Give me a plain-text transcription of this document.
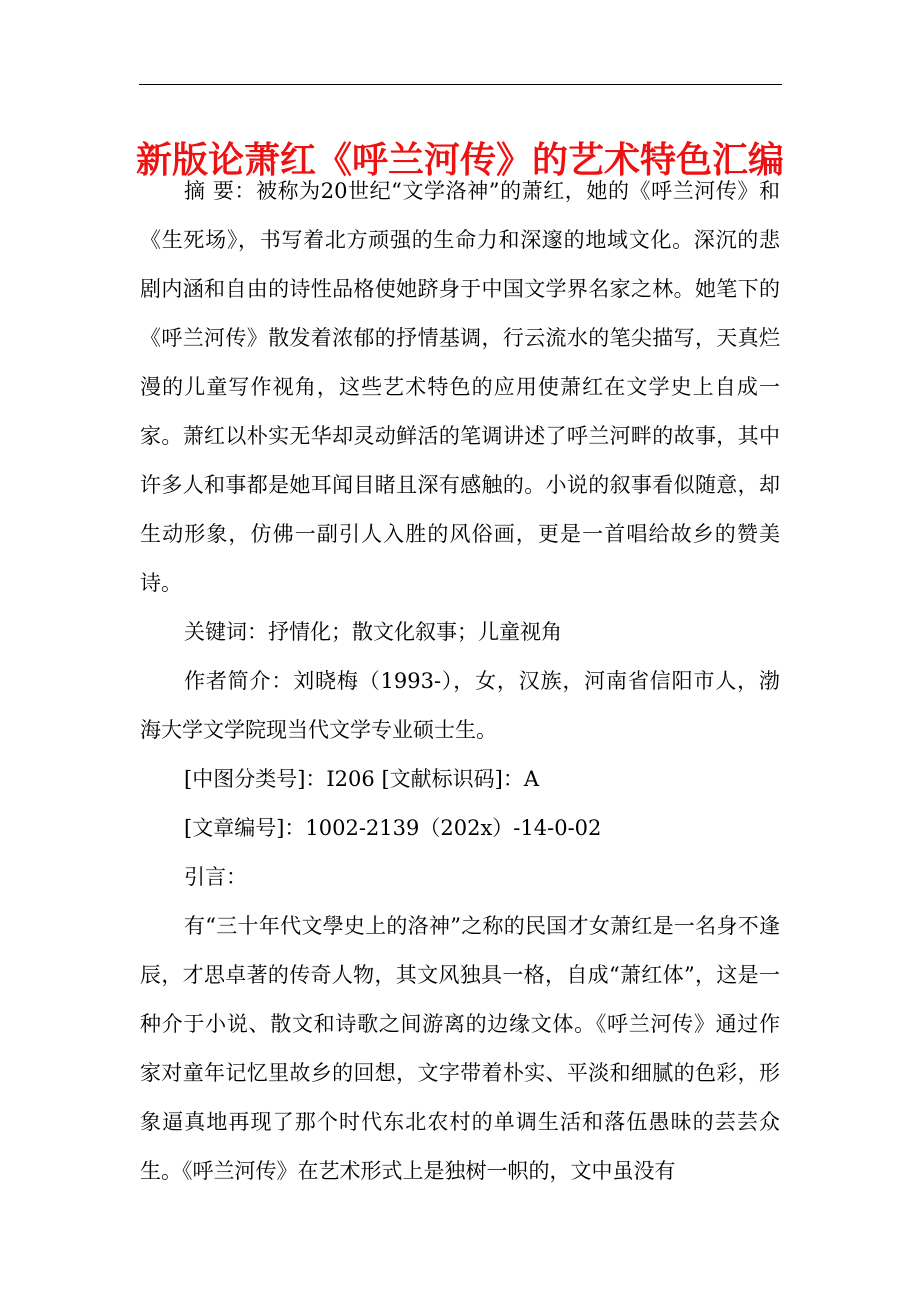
新版论萧红《呼兰河传》的艺术特色汇编

摘 要：被称为20世纪“文学洛神”的萧红，她的《呼兰河传》和《生死场》，书写着北方顽强的生命力和深邃的地域文化。深沉的悲剧内涵和自由的诗性品格使她跻身于中国文学界名家之林。她笔下的《呼兰河传》散发着浓郁的抒情基调，行云流水的笔尖描写，天真烂漫的儿童写作视角，这些艺术特色的应用使萧红在文学史上自成一家。萧红以朴实无华却灵动鲜活的笔调讲述了呼兰河畔的故事，其中许多人和事都是她耳闻目睹且深有感触的。小说的叙事看似随意，却生动形象，仿佛一副引人入胜的风俗画，更是一首唱给故乡的赞美诗。

关键词：抒情化；散文化叙事；儿童视角

作者简介：刘晓梅（1993-），女，汉族，河南省信阳市人，渤海大学文学院现当代文学专业硕士生。

[中图分类号]：I206 [文献标识码]：A

[文章编号]：1002-2139（202x）-14-0-02

引言：

有“三十年代文學史上的洛神”之称的民国才女萧红是一名身不逢辰，才思卓著的传奇人物，其文风独具一格，自成“萧红体”，这是一种介于小说、散文和诗歌之间游离的边缘文体。《呼兰河传》通过作家对童年记忆里故乡的回想，文字带着朴实、平淡和细腻的色彩，形象逼真地再现了那个时代东北农村的单调生活和落伍愚昧的芸芸众生。《呼兰河传》在艺术形式上是独树一帜的，文中虽没有
